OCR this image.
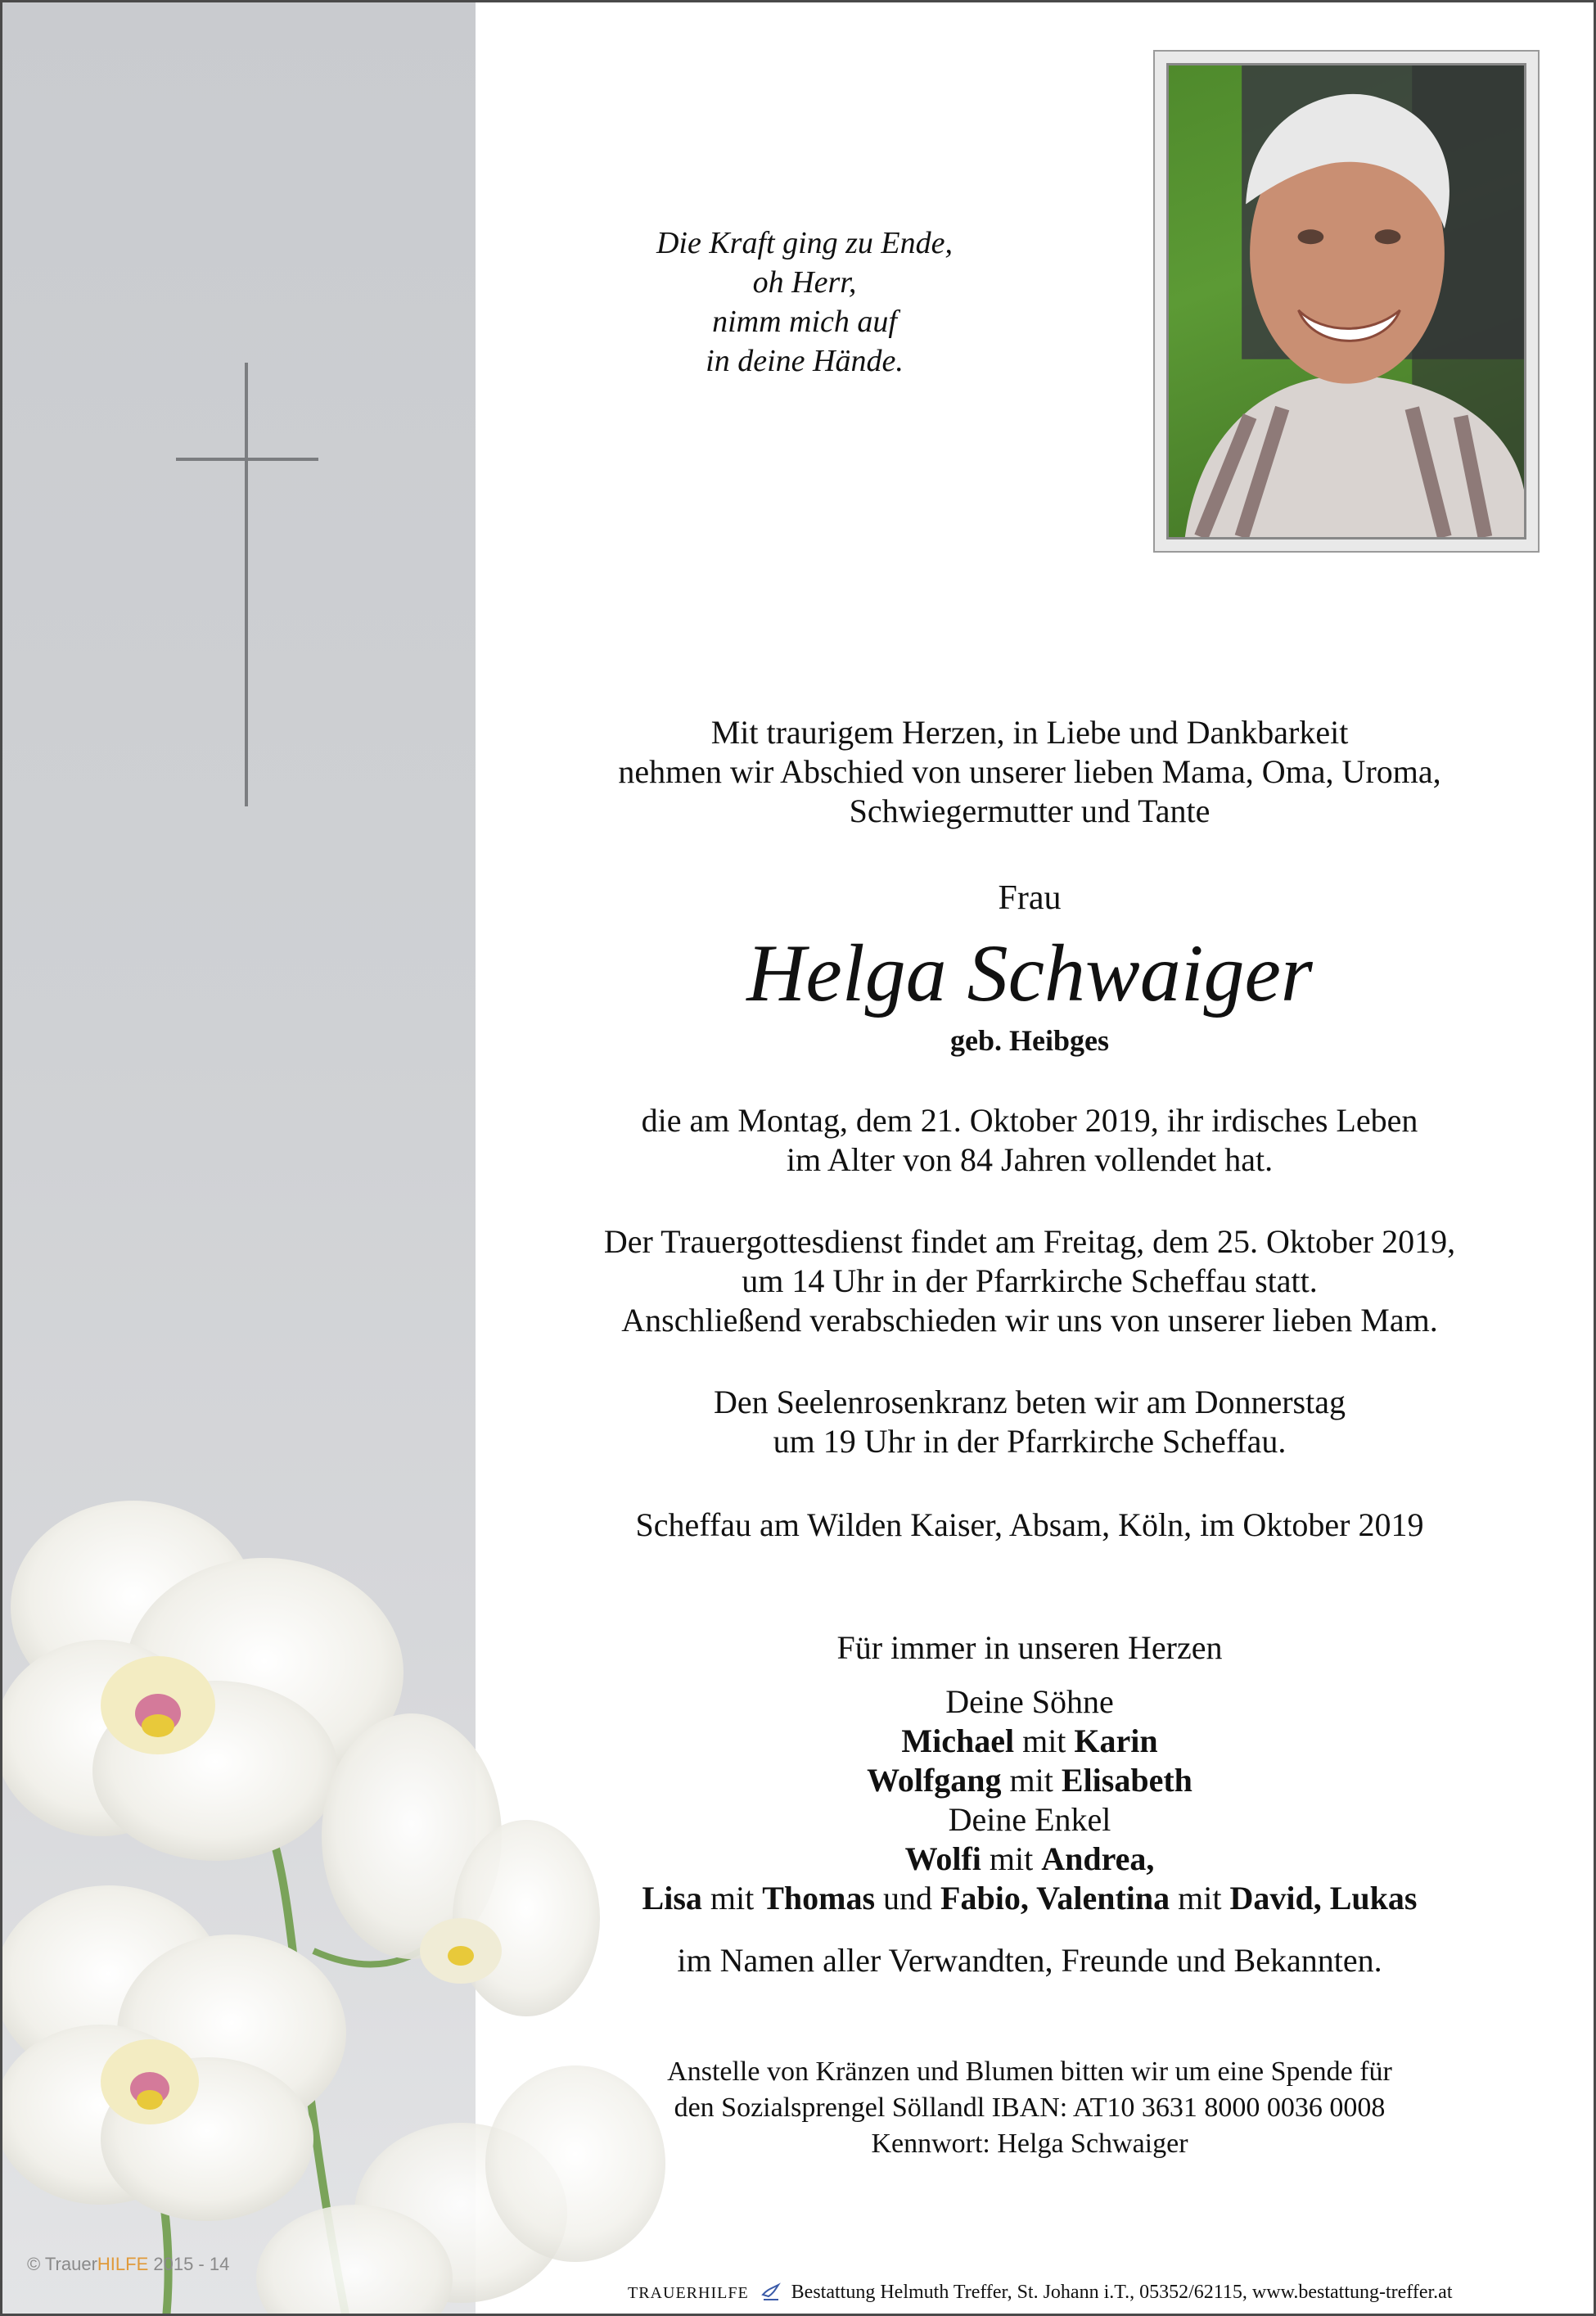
Die Kraft ging zu Ende,
oh Herr,
nimm mich auf
in deine Hände.
Mit traurigem Herzen, in Liebe und Dankbarkeit
nehmen wir Abschied von unserer lieben Mama, Oma, Uroma,
Schwiegermutter und Tante
Frau
Helga Schwaiger
geb. Heibges
die am Montag, dem 21. Oktober 2019, ihr irdisches Leben
im Alter von 84 Jahren vollendet hat.
Der Trauergottesdienst findet am Freitag, dem 25. Oktober 2019,
um 14 Uhr in der Pfarrkirche Scheffau statt.
Anschließend verabschieden wir uns von unserer lieben Mam.
Den Seelenrosenkranz beten wir am Donnerstag
um 19 Uhr in der Pfarrkirche Scheffau.
Scheffau am Wilden Kaiser, Absam, Köln, im Oktober 2019
Für immer in unseren Herzen
Deine Söhne
Michael mit Karin
Wolfgang mit Elisabeth
Deine Enkel
Wolfi mit Andrea,
Lisa mit Thomas und Fabio, Valentina mit David, Lukas
im Namen aller Verwandten, Freunde und Bekannten.
Anstelle von Kränzen und Blumen bitten wir um eine Spende für
den Sozialsprengel Söllandl IBAN: AT10 3631 8000 0036 0008
Kennwort: Helga Schwaiger
© TrauerHILFE 2015 - 14
TRAUERHILFE Bestattung Helmuth Treffer, St. Johann i.T., 05352/62115, www.bestattung-treffer.at
